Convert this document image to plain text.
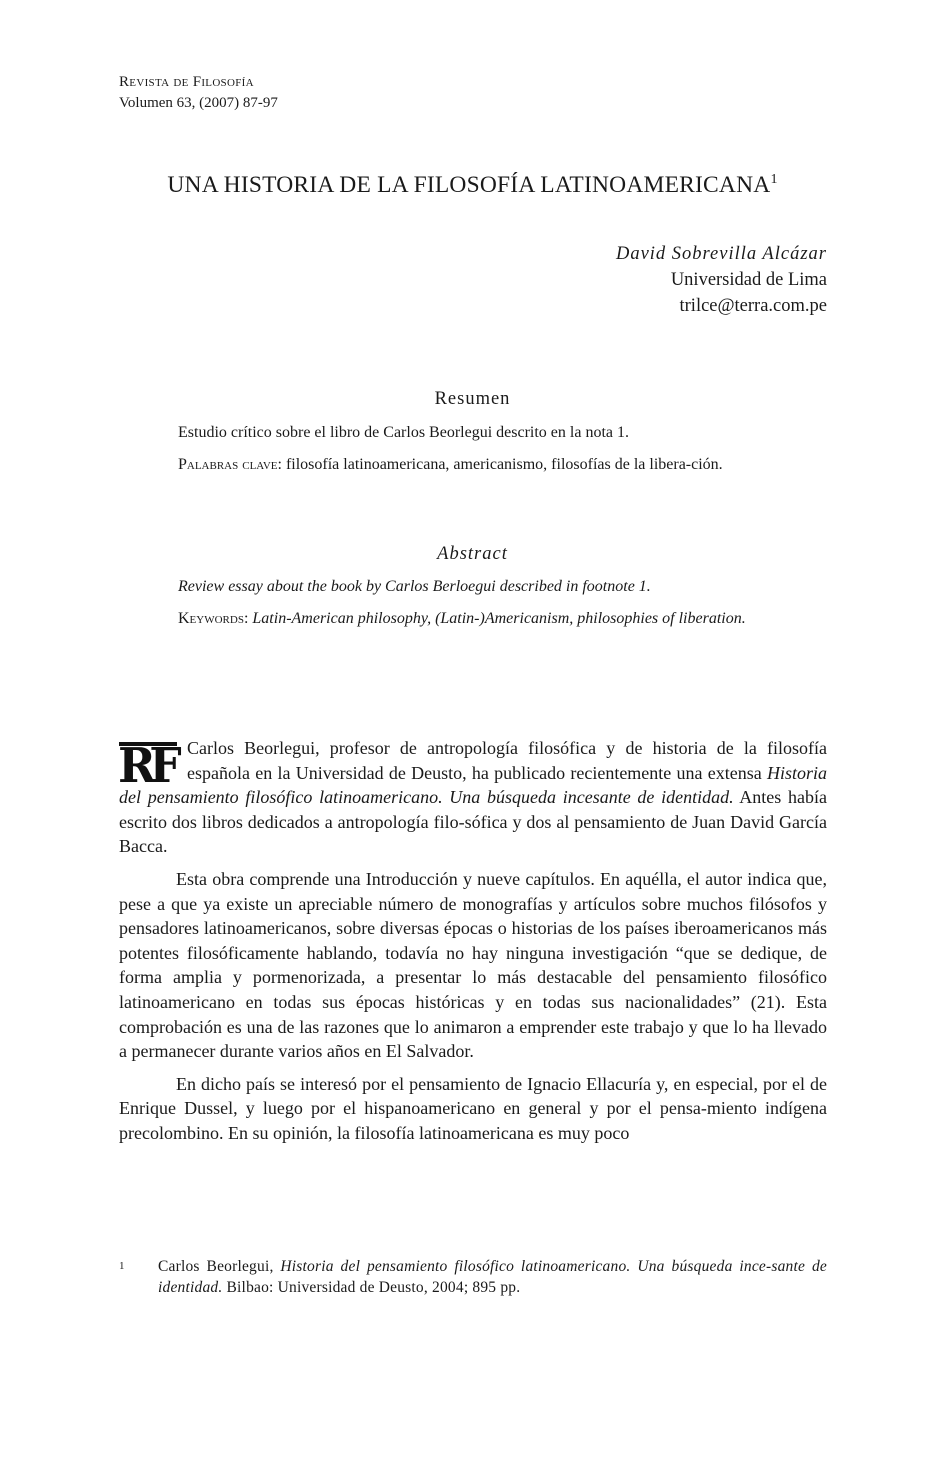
Revista de Filosofía
Volumen 63, (2007) 87-97
UNA HISTORIA DE LA FILOSOFÍA LATINOAMERICANA$^1$
David Sobrevilla Alcázar
Universidad de Lima
trilce@terra.com.pe
Resumen

Estudio crítico sobre el libro de Carlos Beorlegui descrito en la nota 1.

Palabras clave: filosofía latinoamericana, americanismo, filosofías de la libera-ción.

Abstract

Review essay about the book by Carlos Berloegui described in footnote 1.

Keywords: Latin-American philosophy, (Latin-)Americanism, philosophies of liberation.

RF Carlos Beorlegui, profesor de antropología filosófica y de historia de la filosofía española en la Universidad de Deusto, ha publicado recientemente una extensa Historia del pensamiento filosófico latinoamericano. Una búsqueda incesante de identidad. Antes había escrito dos libros dedicados a antropología filo-sófica y dos al pensamiento de Juan David García Bacca.

Esta obra comprende una Introducción y nueve capítulos. En aquélla, el autor indica que, pese a que ya existe un apreciable número de monografías y artículos sobre muchos filósofos y pensadores latinoamericanos, sobre diversas épocas o historias de los países iberoamericanos más potentes filosóficamente hablando, todavía no hay ninguna investigación “que se dedique, de forma amplia y pormenorizada, a presentar lo más destacable del pensamiento filosófico latinoamericano en todas sus épocas históricas y en todas sus nacionalidades” (21). Esta comprobación es una de las razones que lo animaron a emprender este trabajo y que lo ha llevado a permanecer durante varios años en El Salvador.

En dicho país se interesó por el pensamiento de Ignacio Ellacuría y, en especial, por el de Enrique Dussel, y luego por el hispanoamericano en general y por el pensa-miento indígena precolombino. En su opinión, la filosofía latinoamericana es muy poco

1 Carlos Beorlegui, Historia del pensamiento filosófico latinoamericano. Una búsqueda ince-sante de identidad. Bilbao: Universidad de Deusto, 2004; 895 pp.
